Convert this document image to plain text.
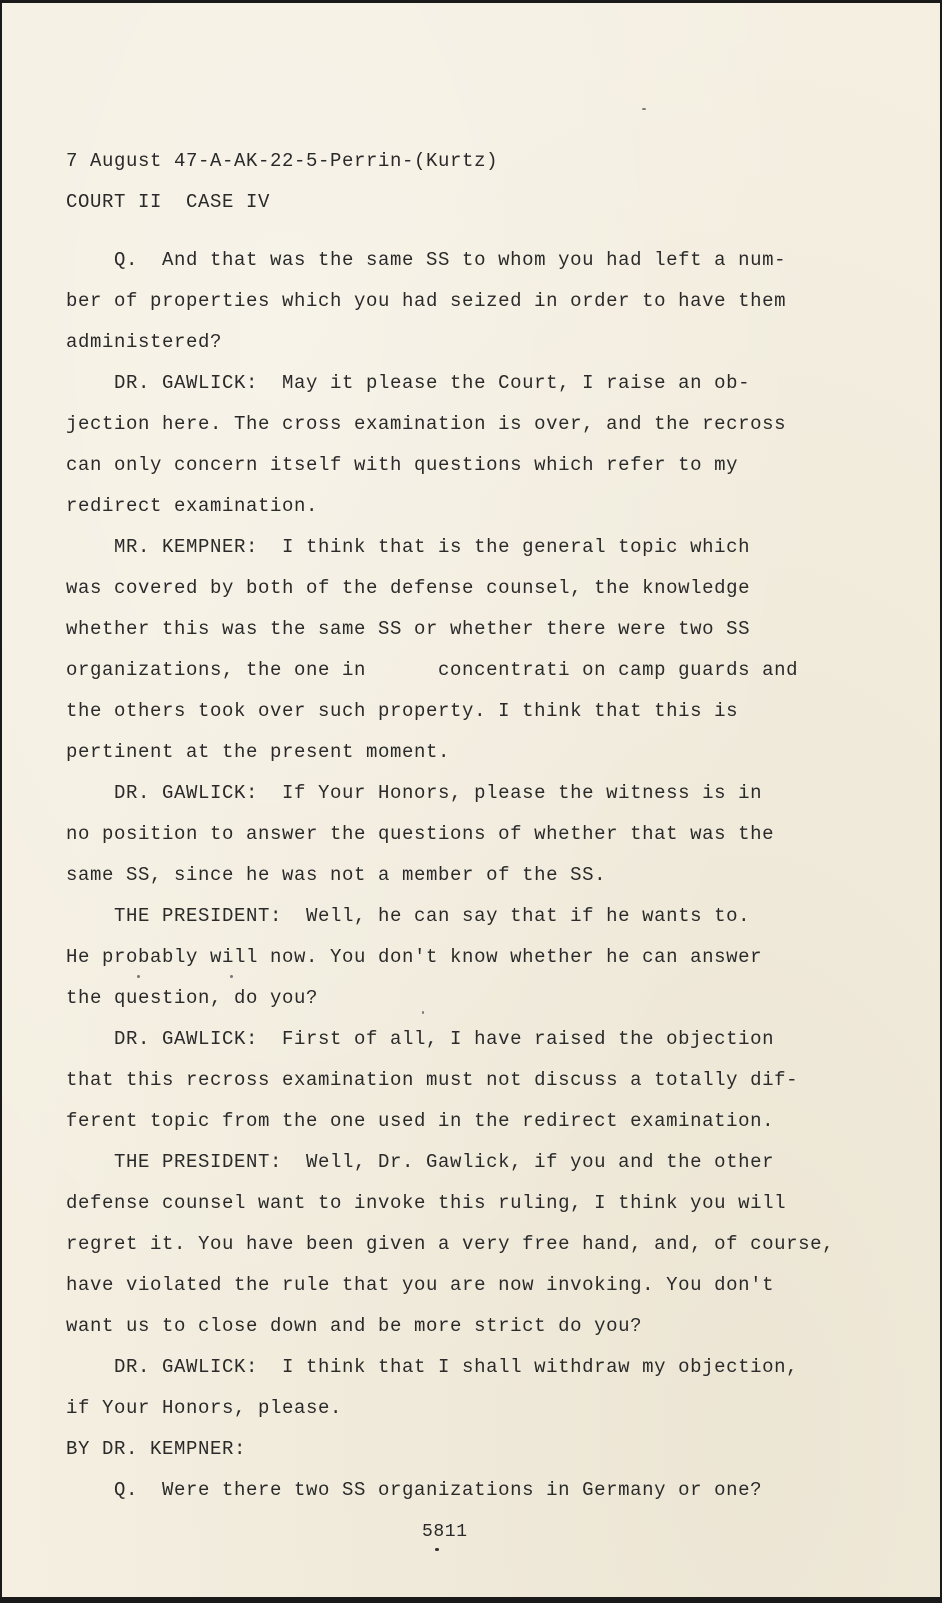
7 August 47-A-AK-22-5-Perrin-(Kurtz)
COURT II  CASE IV
Q.  And that was the same SS to whom you had left a num-
ber of properties which you had seized in order to have them
administered?
DR. GAWLICK:  May it please the Court, I raise an ob-
jection here. The cross examination is over, and the recross
can only concern itself with questions which refer to my
redirect examination.
MR. KEMPNER:  I think that is the general topic which
was covered by both of the defense counsel, the knowledge
whether this was the same SS or whether there were two SS
organizations, the one in      concentrati on camp guards and
the others took over such property. I think that this is
pertinent at the present moment.
DR. GAWLICK:  If Your Honors, please the witness is in
no position to answer the questions of whether that was the
same SS, since he was not a member of the SS.
THE PRESIDENT:  Well, he can say that if he wants to.
He probably will now. You don't know whether he can answer
the question, do you?
DR. GAWLICK:  First of all, I have raised the objection
that this recross examination must not discuss a totally dif-
ferent topic from the one used in the redirect examination.
THE PRESIDENT:  Well, Dr. Gawlick, if you and the other
defense counsel want to invoke this ruling, I think you will
regret it. You have been given a very free hand, and, of course,
have violated the rule that you are now invoking. You don't
want us to close down and be more strict do you?
DR. GAWLICK:  I think that I shall withdraw my objection,
if Your Honors, please.
BY DR. KEMPNER:
Q.  Were there two SS organizations in Germany or one?
5811
